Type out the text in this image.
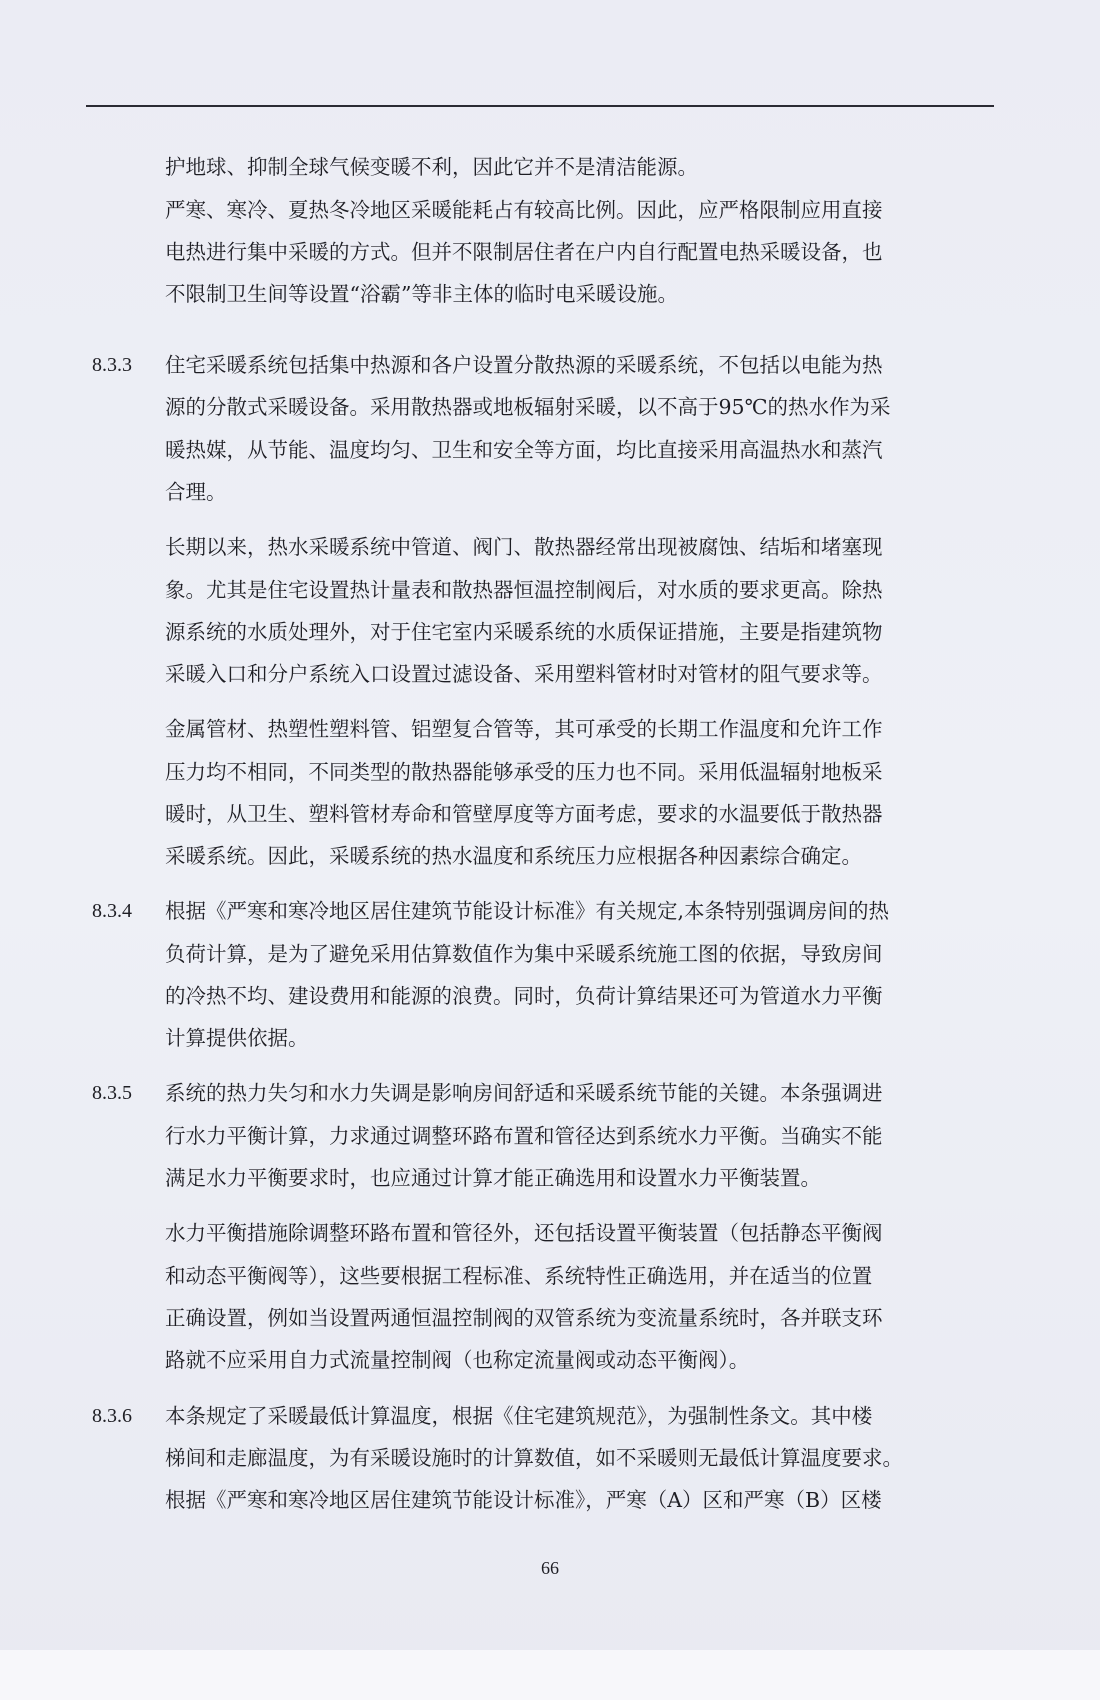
护地球、抑制全球气候变暖不利，因此它并不是清洁能源。
严寒、寒冷、夏热冬冷地区采暖能耗占有较高比例。因此，应严格限制应用直接
电热进行集中采暖的方式。但并不限制居住者在户内自行配置电热采暖设备，也
不限制卫生间等设置“浴霸”等非主体的临时电采暖设施。
8.3.3	住宅采暖系统包括集中热源和各户设置分散热源的采暖系统，不包括以电能为热
源的分散式采暖设备。采用散热器或地板辐射采暖，以不高于95℃的热水作为采
暖热媒，从节能、温度均匀、卫生和安全等方面，均比直接采用高温热水和蒸汽
合理。
长期以来，热水采暖系统中管道、阀门、散热器经常出现被腐蚀、结垢和堵塞现
象。尤其是住宅设置热计量表和散热器恒温控制阀后，对水质的要求更高。除热
源系统的水质处理外，对于住宅室内采暖系统的水质保证措施，主要是指建筑物
采暖入口和分户系统入口设置过滤设备、采用塑料管材时对管材的阻气要求等。
金属管材、热塑性塑料管、铝塑复合管等，其可承受的长期工作温度和允许工作
压力均不相同，不同类型的散热器能够承受的压力也不同。采用低温辐射地板采
暖时，从卫生、塑料管材寿命和管壁厚度等方面考虑，要求的水温要低于散热器
采暖系统。因此，采暖系统的热水温度和系统压力应根据各种因素综合确定。
8.3.4	根据《严寒和寒冷地区居住建筑节能设计标准》有关规定,本条特别强调房间的热
负荷计算，是为了避免采用估算数值作为集中采暖系统施工图的依据，导致房间
的冷热不均、建设费用和能源的浪费。同时，负荷计算结果还可为管道水力平衡
计算提供依据。
8.3.5	系统的热力失匀和水力失调是影响房间舒适和采暖系统节能的关键。本条强调进
行水力平衡计算，力求通过调整环路布置和管径达到系统水力平衡。当确实不能
满足水力平衡要求时，也应通过计算才能正确选用和设置水力平衡装置。
水力平衡措施除调整环路布置和管径外，还包括设置平衡装置（包括静态平衡阀
和动态平衡阀等），这些要根据工程标准、系统特性正确选用，并在适当的位置
正确设置，例如当设置两通恒温控制阀的双管系统为变流量系统时，各并联支环
路就不应采用自力式流量控制阀（也称定流量阀或动态平衡阀）。
8.3.6	本条规定了采暖最低计算温度，根据《住宅建筑规范》，为强制性条文。其中楼
梯间和走廊温度，为有采暖设施时的计算数值，如不采暖则无最低计算温度要求。
根据《严寒和寒冷地区居住建筑节能设计标准》，严寒（A）区和严寒（B）区楼
66
